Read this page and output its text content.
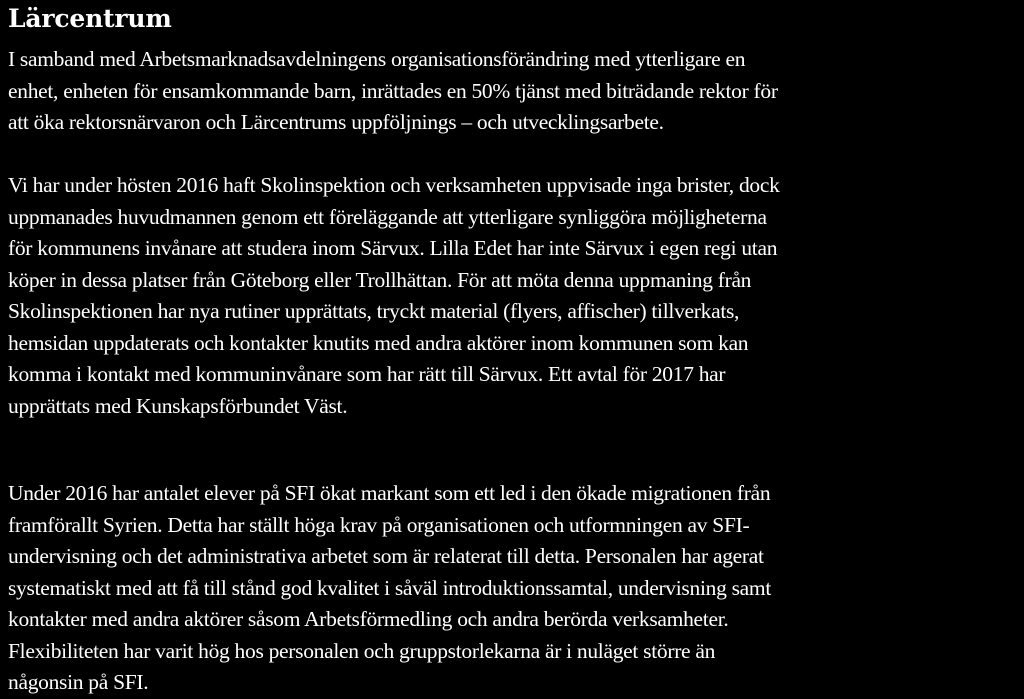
Lärcentrum
I samband med Arbetsmarknadsavdelningens organisationsförändring med ytterligare en
enhet, enheten för ensamkommande barn, inrättades en 50% tjänst med biträdande rektor för
att öka rektorsnärvaron och Lärcentrums uppföljnings – och utvecklingsarbete.
Vi har under hösten 2016 haft Skolinspektion och verksamheten uppvisade inga brister, dock
uppmanades huvudmannen genom ett föreläggande att ytterligare synliggöra möjligheterna
för kommunens invånare att studera inom Särvux. Lilla Edet har inte Särvux i egen regi utan
köper in dessa platser från Göteborg eller Trollhättan. För att möta denna uppmaning från
Skolinspektionen har nya rutiner upprättats, tryckt material (flyers, affischer) tillverkats,
hemsidan uppdaterats och kontakter knutits med andra aktörer inom kommunen som kan
komma i kontakt med kommuninvånare som har rätt till Särvux. Ett avtal för 2017 har
upprättats med Kunskapsförbundet Väst.
Under 2016 har antalet elever på SFI ökat markant som ett led i den ökade migrationen från
framförallt Syrien. Detta har ställt höga krav på organisationen och utformningen av SFI-
undervisning och det administrativa arbetet som är relaterat till detta. Personalen har agerat
systematiskt med att få till stånd god kvalitet i såväl introduktionssamtal, undervisning samt
kontakter med andra aktörer såsom Arbetsförmedling och andra berörda verksamheter.
Flexibiliteten har varit hög hos personalen och gruppstorlekarna är i nuläget större än
någonsin på SFI.
